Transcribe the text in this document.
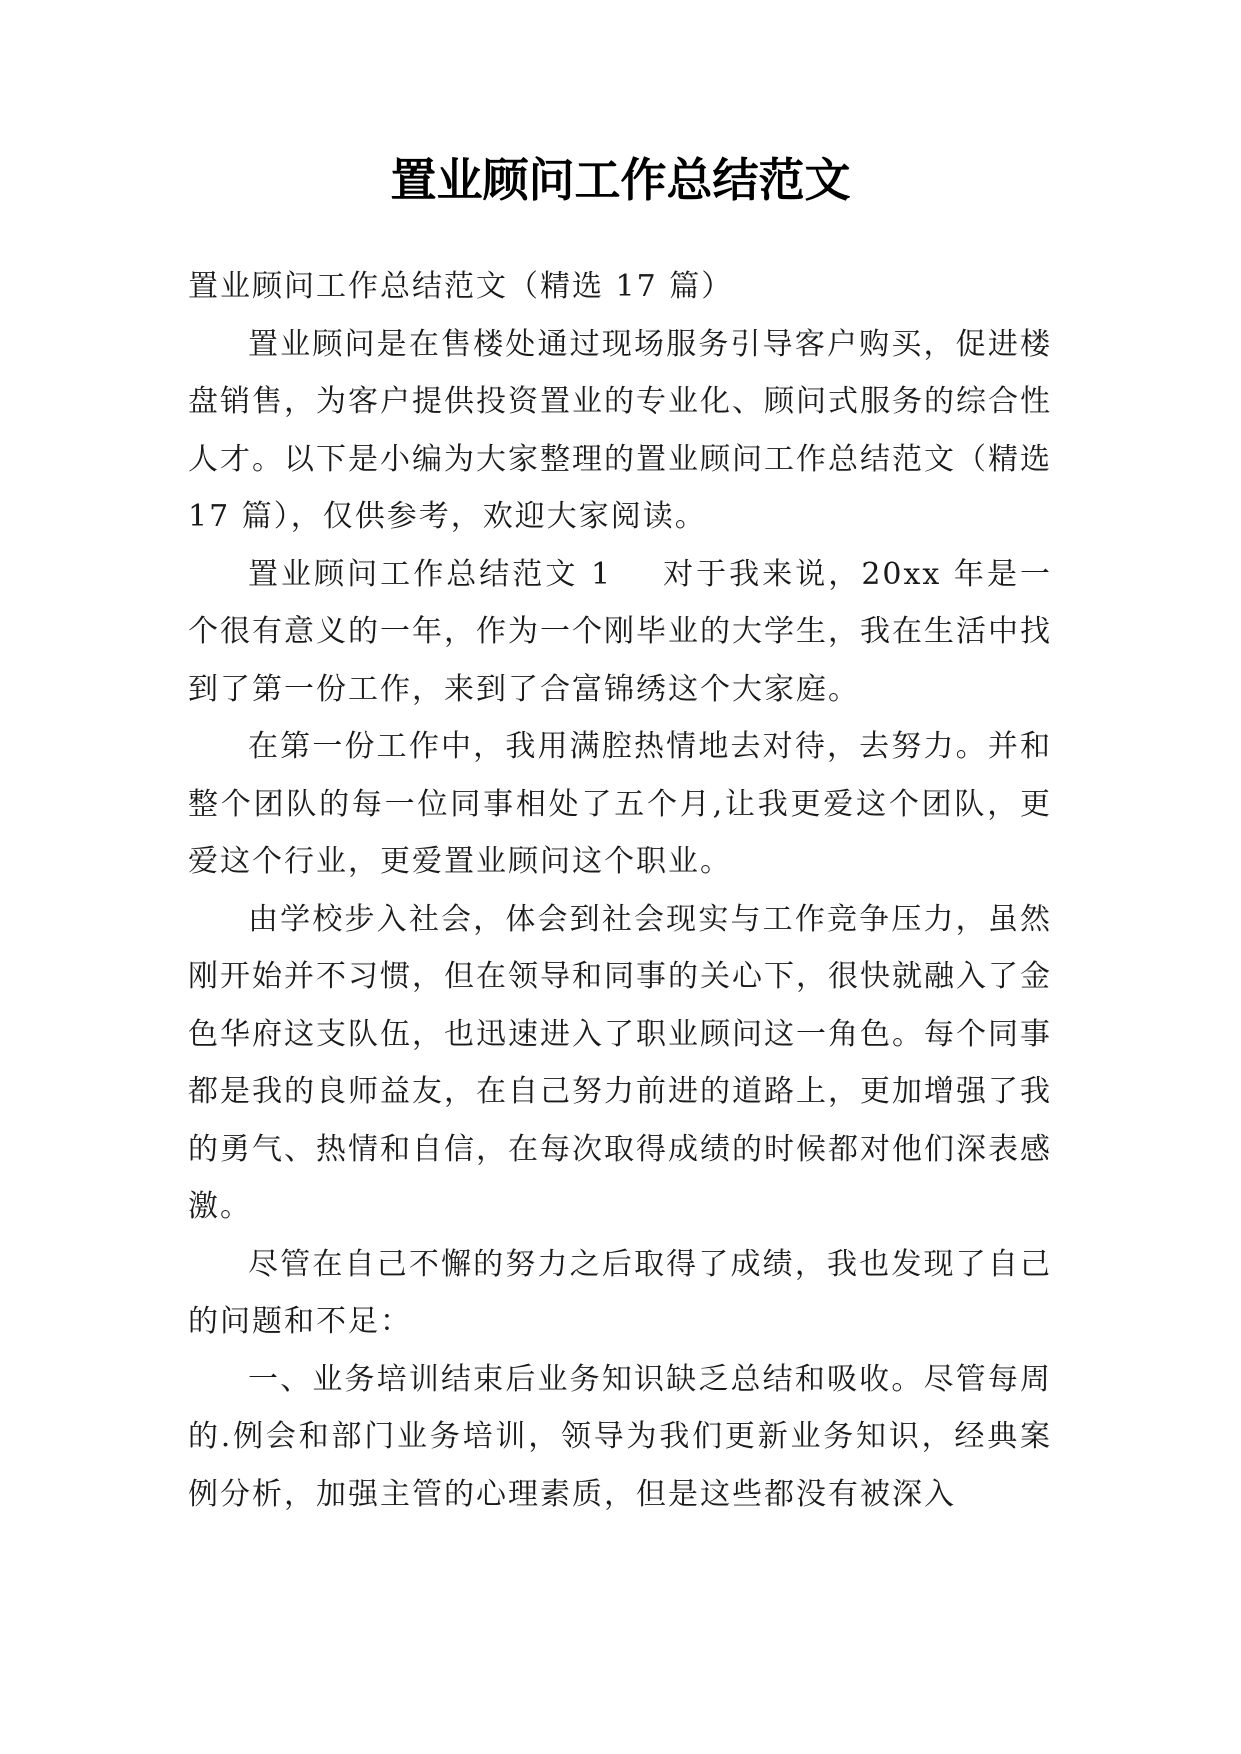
置业顾问工作总结范文

置业顾问工作总结范文（精选 17 篇）

置业顾问是在售楼处通过现场服务引导客户购买，促进楼盘销售，为客户提供投资置业的专业化、顾问式服务的综合性人才。以下是小编为大家整理的置业顾问工作总结范文（精选 17 篇），仅供参考，欢迎大家阅读。

置业顾问工作总结范文 1 对于我来说，20xx 年是一个很有意义的一年，作为一个刚毕业的大学生，我在生活中找到了第一份工作，来到了合富锦绣这个大家庭。

在第一份工作中，我用满腔热情地去对待，去努力。并和整个团队的每一位同事相处了五个月,让我更爱这个团队，更爱这个行业，更爱置业顾问这个职业。

由学校步入社会，体会到社会现实与工作竞争压力，虽然刚开始并不习惯，但在领导和同事的关心下，很快就融入了金色华府这支队伍，也迅速进入了职业顾问这一角色。每个同事都是我的良师益友，在自己努力前进的道路上，更加增强了我的勇气、热情和自信，在每次取得成绩的时候都对他们深表感激。

尽管在自己不懈的努力之后取得了成绩，我也发现了自己的问题和不足：

一、业务培训结束后业务知识缺乏总结和吸收。尽管每周的.例会和部门业务培训，领导为我们更新业务知识，经典案例分析，加强主管的心理素质，但是这些都没有被深入
